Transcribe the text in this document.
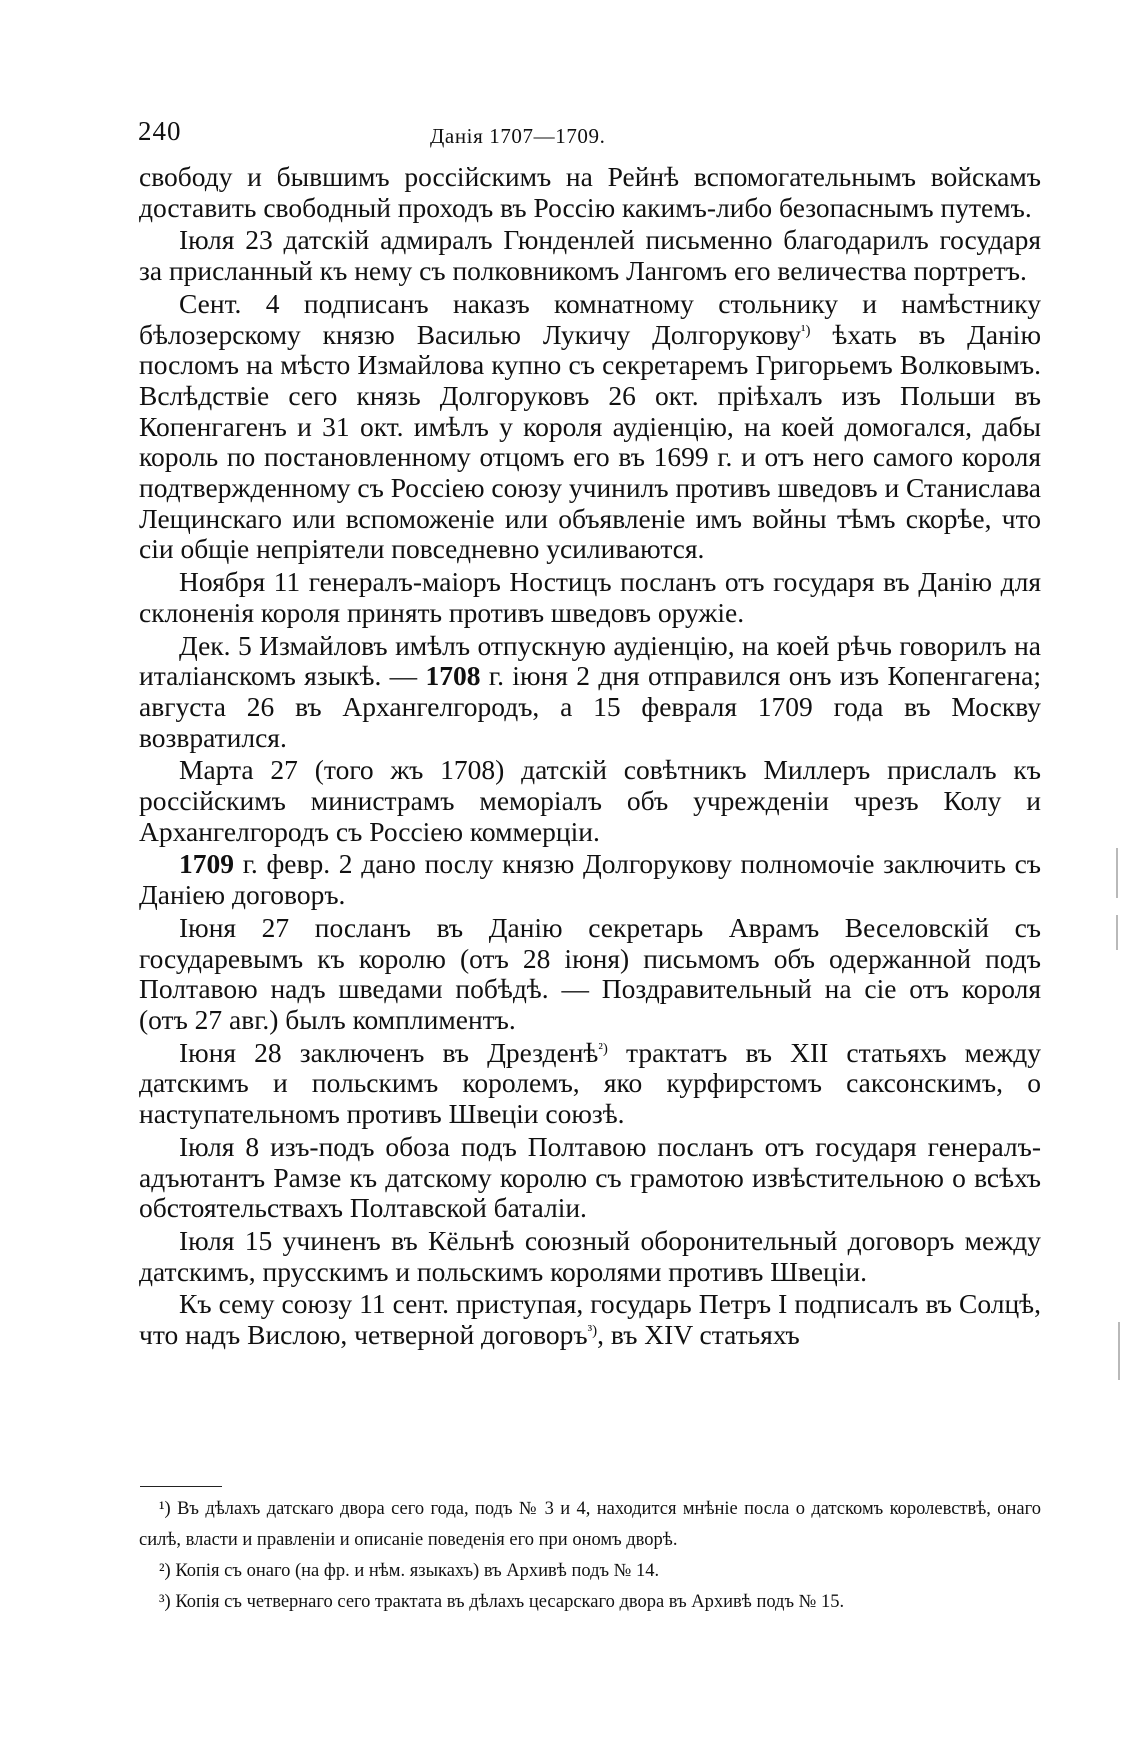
240	Данія 1707—1709.

свободу и бывшимъ россійскимъ на Рейнѣ вспомогательнымъ войскамъ доставить свободный проходъ въ Россію какимъ-либо безопаснымъ путемъ.

Іюля 23 датскій адмиралъ Гюнденлей письменно благодарилъ государя за присланный къ нему съ полковникомъ Лангомъ его величества портретъ.

Сент. 4 подписанъ наказъ комнатному стольнику и намѣстнику бѣлозерскому князю Василью Лукичу Долгорукову$^{^1)}$ ѣхать въ Данію посломъ на мѣсто Измайлова купно съ секретаремъ Григорьемъ Волковымъ. Вслѣдствіе сего князь Долгоруковъ 26 окт. пріѣхалъ изъ Польши въ Копенгагенъ и 31 окт. имѣлъ у короля аудіенцію, на коей домогался, дабы король по постановленному отцомъ его въ 1699 г. и отъ него самого короля подтвержденному съ Россіею союзу учинилъ противъ шведовъ и Станислава Лещинскаго или вспоможеніе или объявленіе имъ войны тѣмъ скорѣе, что сіи общіе непріятели повседневно усиливаются.

Ноября 11 генералъ-маіоръ Ностицъ посланъ отъ государя въ Данію для склоненія короля принять противъ шведовъ оружіе.

Дек. 5 Измайловъ имѣлъ отпускную аудіенцію, на коей рѣчь говорилъ на италіанскомъ языкѣ. — 1708 г. іюня 2 дня отправился онъ изъ Копенгагена; августа 26 въ Архангелгородъ, а 15 февраля 1709 года въ Москву возвратился.

Марта 27 (того жъ 1708) датскій совѣтникъ Миллеръ прислалъ къ россійскимъ министрамъ меморіалъ объ учрежденіи чрезъ Колу и Архангелгородъ съ Россіею коммерціи.

1709 г. февр. 2 дано послу князю Долгорукову полномочіе заключить съ Даніею договоръ.

Іюня 27 посланъ въ Данію секретарь Аврамъ Веселовскій съ государевымъ къ королю (отъ 28 іюня) письмомъ объ одержанной подъ Полтавою надъ шведами побѣдѣ. — Поздравительный на сіе отъ короля (отъ 27 авг.) былъ комплиментъ.

Іюня 28 заключенъ въ Дрезденѣ$^{^2)}$ трактатъ въ XII статьяхъ между датскимъ и польскимъ королемъ, яко курфирстомъ саксонскимъ, о наступательномъ противъ Швеціи союзѣ.

Іюля 8 изъ-подъ обоза подъ Полтавою посланъ отъ государя генералъ-адъютантъ Рамзе къ датскому королю съ грамотою извѣстительною о всѣхъ обстоятельствахъ Полтавской баталіи.

Іюля 15 учиненъ въ Кёльнѣ союзный оборонительный договоръ между датскимъ, прусскимъ и польскимъ королями противъ Швеціи.

Къ сему союзу 11 сент. приступая, государь Петръ I подписалъ въ Солцѣ, что надъ Вислою, четверной договоръ$^{^3)}$, въ XIV статьяхъ

¹) Въ дѣлахъ датскаго двора сего года, подъ № 3 и 4, находится мнѣніе посла о датскомъ королевствѣ, онаго силѣ, власти и правленіи и описаніе поведенія его при ономъ дворѣ.

²) Копія съ онаго (на фр. и нѣм. языкахъ) въ Архивѣ подъ № 14.

³) Копія съ четвернаго сего трактата въ дѣлахъ цесарскаго двора въ Архивѣ подъ № 15.
